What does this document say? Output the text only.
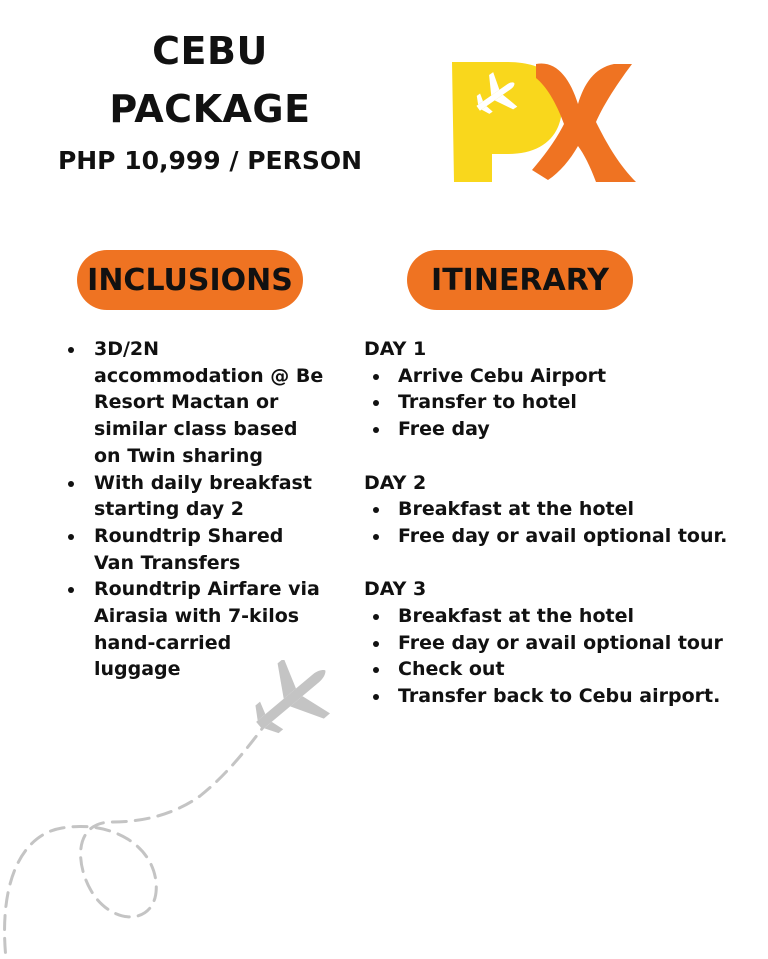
CEBU
PACKAGE
PHP 10,999 / PERSON
INCLUSIONS	ITINERARY
3D/2N accommodation @ Be Resort Mactan or similar class based on Twin sharing
With daily breakfast starting day 2
Roundtrip Shared Van Transfers
Roundtrip Airfare via Airasia with 7-kilos hand-carried luggage
DAY 1
Arrive Cebu Airport
Transfer to hotel
Free day
DAY 2
Breakfast at the hotel
Free day or avail optional tour.
DAY 3
Breakfast at the hotel
Free day or avail optional tour
Check out
Transfer back to Cebu airport.
